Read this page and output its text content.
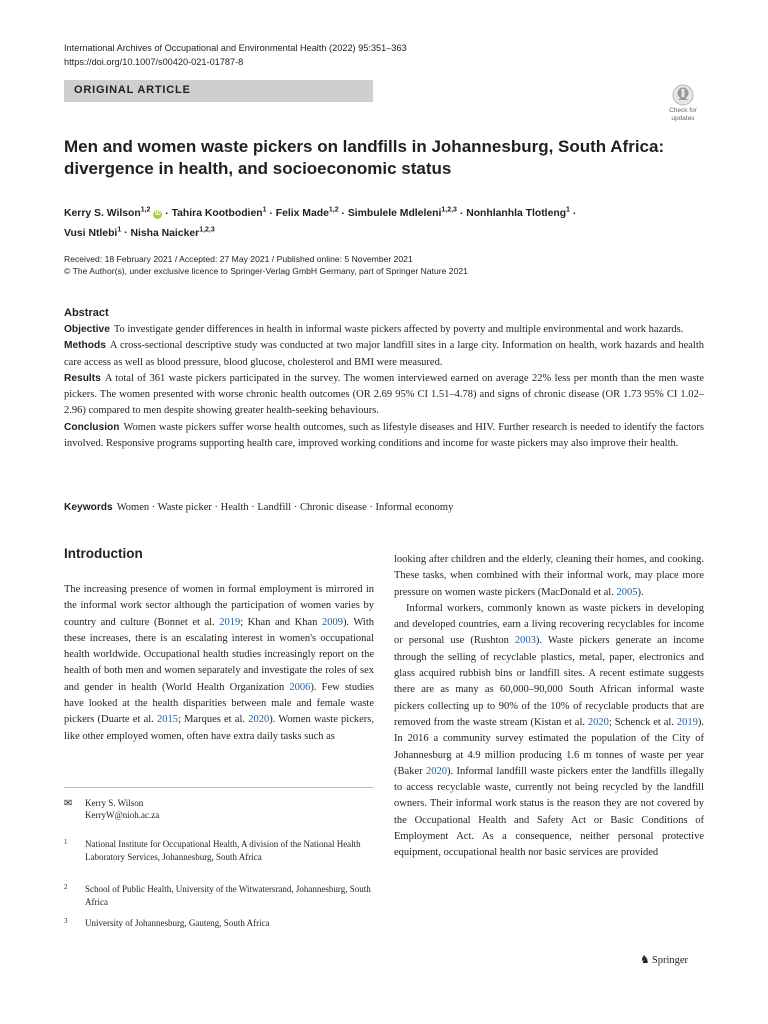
International Archives of Occupational and Environmental Health (2022) 95:351–363
https://doi.org/10.1007/s00420-021-01787-8
ORIGINAL ARTICLE
Check for
updates
Men and women waste pickers on landfills in Johannesburg, South Africa: divergence in health, and socioeconomic status
Kerry S. Wilson$^{1,2}$ iD · Tahira Kootbodien$^1$ · Felix Made$^{1,2}$ · Simbulele Mdleleni$^{1,2,3}$ · Nonhlanhla Tlotleng$^1$ ·
Vusi Ntlebi$^1$ · Nisha Naicker$^{1,2,3}$
Received: 18 February 2021 / Accepted: 27 May 2021 / Published online: 5 November 2021
© The Author(s), under exclusive licence to Springer-Verlag GmbH Germany, part of Springer Nature 2021
Abstract

Objective To investigate gender differences in health in informal waste pickers affected by poverty and multiple environmental and work hazards.

Methods A cross-sectional descriptive study was conducted at two major landfill sites in a large city. Information on health, work hazards and health care access as well as blood pressure, blood glucose, cholesterol and BMI were measured.

Results A total of 361 waste pickers participated in the survey. The women interviewed earned on average 22% less per month than the men waste pickers. The women presented with worse chronic health outcomes (OR 2.69 95% CI 1.51–4.78) and signs of chronic disease (OR 1.73 95% CI 1.02–2.96) compared to men despite showing greater health-seeking behaviours.

Conclusion Women waste pickers suffer worse health outcomes, such as lifestyle diseases and HIV. Further research is needed to identify the factors involved. Responsive programs supporting health care, improved working conditions and income for waste pickers may also improve their health.

Keywords Women · Waste picker · Health · Landfill · Chronic disease · Informal economy
Introduction

The increasing presence of women in formal employment is mirrored in the informal work sector although the participation of women varies by country and culture (Bonnet et al. 2019; Khan and Khan 2009). With these increases, there is an escalating interest in women's occupational health worldwide. Occupational health studies increasingly report on the health of both men and women separately and investigate the roles of sex and gender in health (World Health Organization 2006). Few studies have looked at the health disparities between male and female waste pickers (Duarte et al. 2015; Marques et al. 2020). Women waste pickers, like other employed women, often have extra daily tasks such as

looking after children and the elderly, cleaning their homes, and cooking. These tasks, when combined with their informal work, may place more pressure on women waste pickers (MacDonald et al. 2005).

Informal workers, commonly known as waste pickers in developing and developed countries, earn a living recovering recyclables for income or personal use (Rushton 2003). Waste pickers generate an income through the selling of recyclable plastics, metal, paper, electronics and glass acquired rubbish bins or landfill sites. A recent estimate suggests there are as many as 60,000–90,000 South African informal waste pickers collecting up to 90% of the 10% of recyclable products that are removed from the waste stream (Kistan et al. 2020; Schenck et al. 2019). In 2016 a community survey estimated the population of the City of Johannesburg at 4.9 million producing 1.6 m tonnes of waste per year (Baker 2020). Informal landfill waste pickers enter the landfills illegally to access recyclable waste, currently not being recycled by the landfill owners. Their informal work status is the reason they are not covered by the Occupational Health and Safety Act or Basic Conditions of Employment Act. As a consequence, neither personal protective equipment, occupational health nor basic services are provided

✉ Kerry S. Wilson
KerryW@nioh.ac.za
1	National Institute for Occupational Health, A division of the National Health Laboratory Services, Johannesburg, South Africa
2	School of Public Health, University of the Witwatersrand, Johannesburg, South Africa
3	University of Johannesburg, Gauteng, South Africa
♞ Springer
